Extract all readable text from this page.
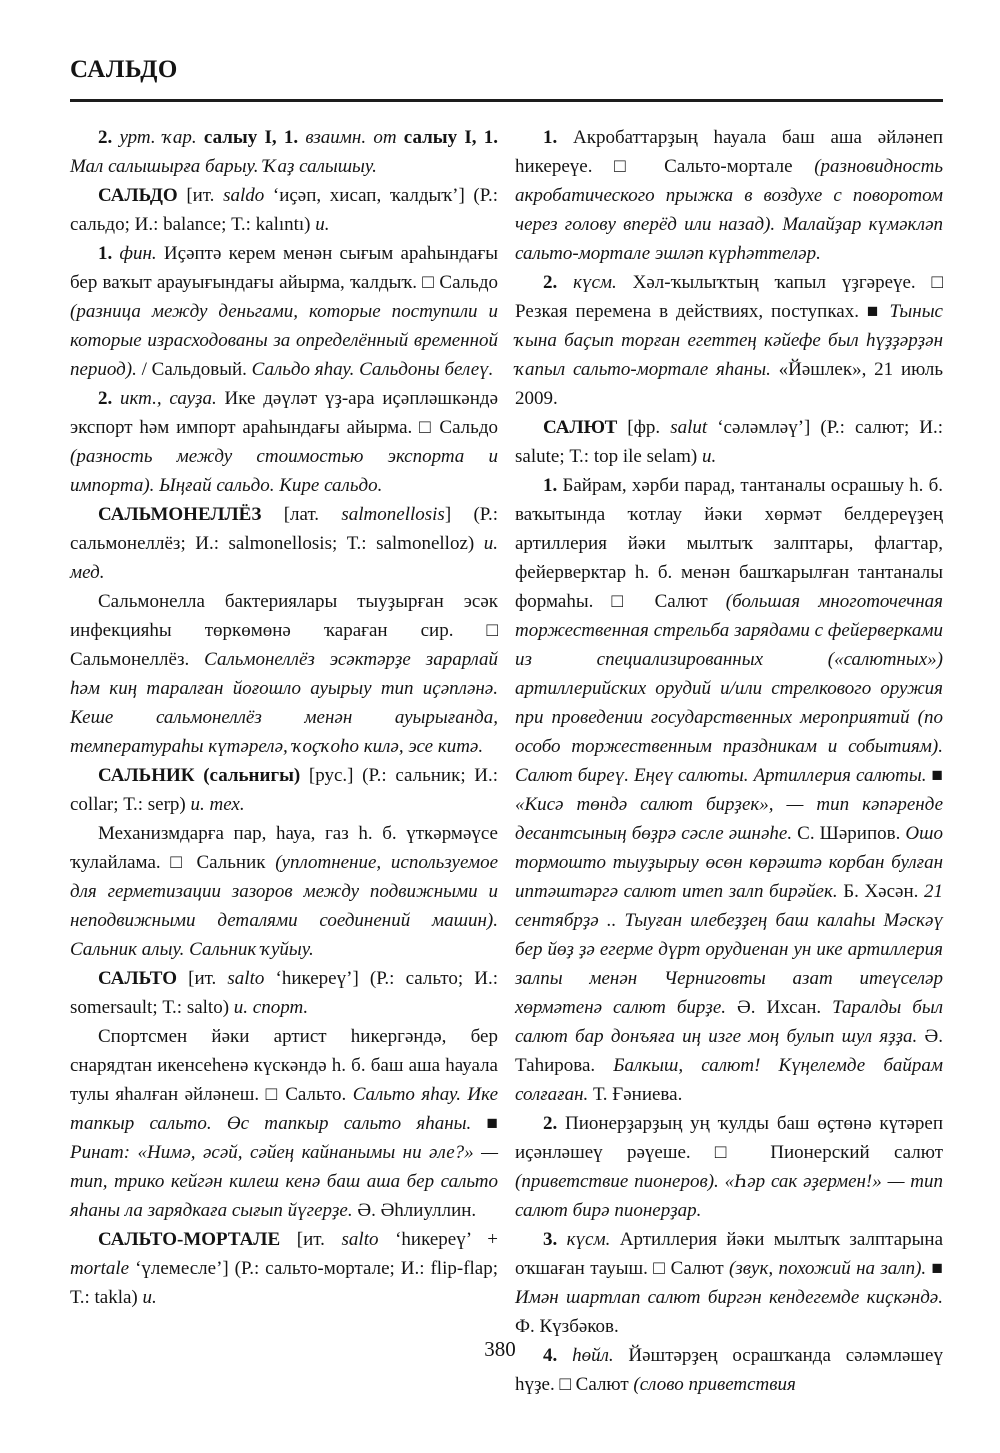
САЛЬДО

2. урт. ҡар. салыу I, 1. взаимн. от салыу I, 1. Мал салышырға барыу. Ҡаҙ салышыу.

САЛЬДО [ит. saldo ‘иҫәп, хисап, ҡалдыҡ’] (Р.: сальдо; И.: balance; Т.: kalıntı) и.

1. фин. Иҫәптә керем менән сығым араһындағы бер ваҡыт арауығындағы айырма, ҡалдыҡ. □ Сальдо (разница между деньгами, которые поступили и которые израсходованы за определённый временной период). / Сальдовый. Сальдо яһау. Сальдоны белеү.

2. икт., сауҙа. Ике дәүләт үҙ-ара иҫәпләшкәндә экспорт һәм импорт араһындағы айырма. □ Сальдо (разность между стоимостью экспорта и импорта). Ыңғай сальдо. Кире сальдо.

САЛЬМОНЕЛЛЁЗ [лат. salmonellosis] (Р.: сальмонеллёз; И.: salmonellosis; Т.: salmonelloz) и. мед.

Сальмонелла бактериялары тыуҙырған эсәк инфекцияһы төркөмөнә ҡараған сир. □ Сальмонеллёз. Сальмонеллёз эсәктәрҙе зарарлай һәм киң таралған йоғошло ауырыу тип иҫәпләнә. Кеше сальмонеллёз менән ауырығанда, температураһы күтәрелә, ҡоҫҡоһо килә, эсе китә.

САЛЬНИК (сальнигы) [рус.] (Р.: сальник; И.: collar; Т.: serp) и. тех.

Механизмдарға пар, һауа, газ һ. б. үткәрмәүсе ҡулайлама. □ Сальник (уплотнение, используемое для герметизации зазоров между подвижными и неподвижными деталями соединений машин). Сальник алыу. Сальник ҡуйыу.

САЛЬТО [ит. salto ‘һикереү’] (Р.: сальто; И.: somersault; Т.: salto) и. спорт.

Спортсмен йәки артист һикергәндә, бер снарядтан икенсеһенә күскәндә һ. б. баш аша һауала тулы яһалған әйләнеш. □ Сальто. Сальто яһау. Ике тапкыр сальто. Өс тапкыр сальто яһаны. ■ Ринат: «Нимә, әсәй, сәйең кайнанымы ни әле?» — тип, трико кейгән килеш кенә баш аша бер сальто яһаны ла зарядкаға сығып йүгерҙе. Ә. Әһлиуллин.

САЛЬТО-МОРТАЛЕ [ит. salto ‘һикереү’ + mortale ‘үлемесле’] (Р.: сальто-мортале; И.: flip-flap; Т.: takla) и.

1. Акробаттарҙың һауала баш аша әйләнеп һикереүе. □ Сальто-мортале (разновидность акробатического прыжка в воздухе с поворотом через голову вперёд или назад). Малайҙар күмәкләп сальто-мортале эшләп күрһәттеләр.

2. күсм. Хәл-ҡылыҡтың ҡапыл үҙгәреүе. □ Резкая перемена в действиях, поступках. ■ Тыныс ҡына баҫып торған егеттең кәйефе был һүҙҙәрҙән ҡапыл сальто-мортале яһаны. «Йәшлек», 21 июль 2009.

САЛЮТ [фр. salut ‘сәләмләү’] (Р.: салют; И.: salute; Т.: top ile selam) и.

1. Байрам, хәрби парад, тантаналы осрашыу һ. б. ваҡытында ҡотлау йәки хөрмәт белдереүҙең артиллерия йәки мылтыҡ залптары, флагтар, фейерверктар һ. б. менән башҡарылған тантаналы формаһы. □ Салют (большая многоточечная торжественная стрельба зарядами с фейерверками из специализированных («салютных») артиллерийских орудий и/или стрелкового оружия при проведении государственных мероприятий (по особо торжественным праздникам и событиям). Салют биреү. Еңеү салюты. Артиллерия салюты. ■ «Кисә төндә салют бирҙек», — тип кәпәренде десантсының бөҙрә сәсле әшнәһе. С. Шәрипов. Ошо тормошто тыуҙырыу өсөн көрәштә корбан булған иптәштәргә салют итеп залп бирәйек. Б. Хәсән. 21 сентябрҙә .. Тыуған илебеҙҙең баш калаһы Мәскәү бер йөҙ ҙә егерме дүрт орудиенан ун ике артиллерия залпы менән Черниговты азат итеүселәр хөрмәтенә салют бирҙе. Ә. Ихсан. Таралды был салют бар донъяға иң изге моң булып шул яҙҙа. Ә. Таһирова. Балкыш, салют! Күңелемде байрам солғаған. Т. Ғәниева.

2. Пионерҙарҙың уң ҡулды баш өҫтөнә күтәреп иҫәнләшеү рәүеше. □ Пионерский салют (приветствие пионеров). «Һәр сак әҙермен!» — тип салют бирә пионерҙар.

3. күсм. Артиллерия йәки мылтыҡ залптарына оҡшаған тауыш. □ Салют (звук, похожий на залп). ■ Имән шартлап салют биргән кендегемде киҫкәндә. Ф. Күзбәков.

4. һөйл. Йәштәрҙең осрашҡанда сәләмләшеү һүҙе. □ Салют (слово приветствия

380
